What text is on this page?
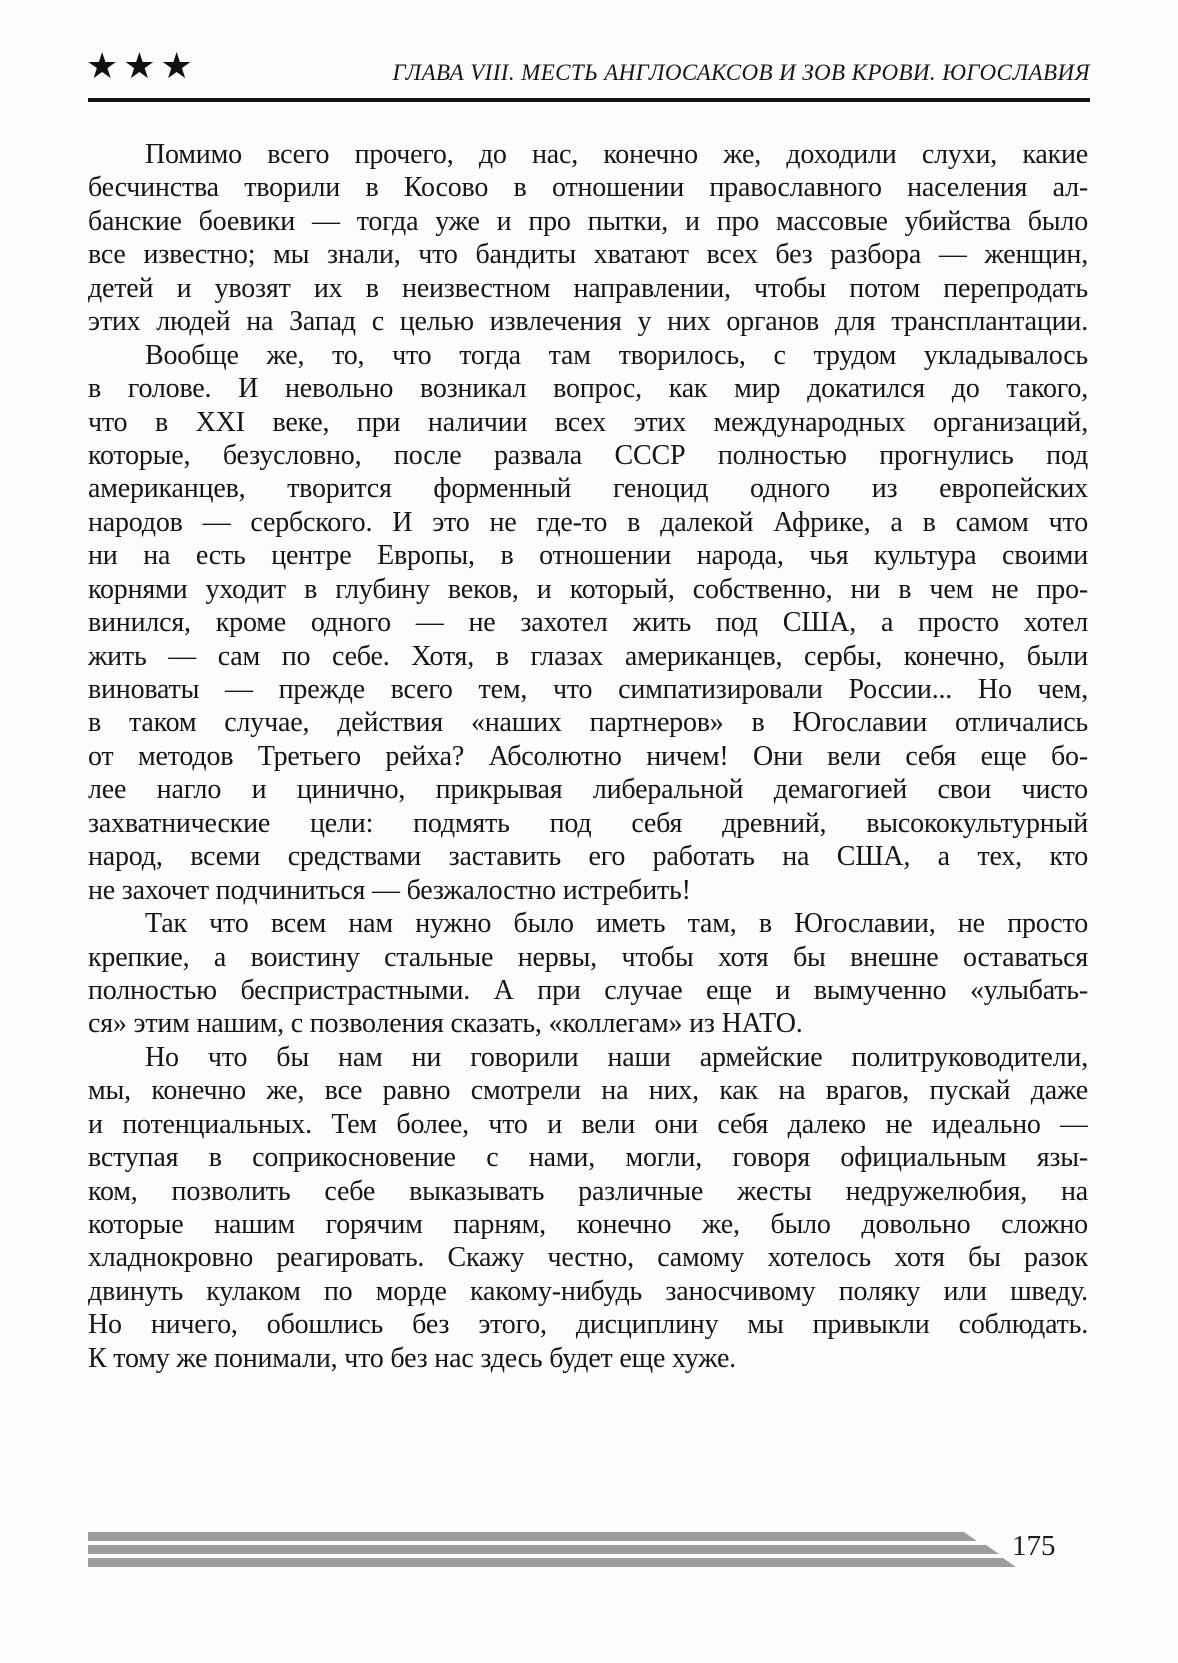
★★★	ГЛАВА VIII. МЕСТЬ АНГЛОСАКСОВ И ЗОВ КРОВИ. ЮГОСЛАВИЯ
Помимо всего прочего, до нас, конечно же, доходили слухи, какие
бесчинства творили в Косово в отношении православного населения ал-
банские боевики — тогда уже и про пытки, и про массовые убийства было
все известно; мы знали, что бандиты хватают всех без разбора — женщин,
детей и увозят их в неизвестном направлении, чтобы потом перепродать
этих людей на Запад с целью извлечения у них органов для трансплантации.
Вообще же, то, что тогда там творилось, с трудом укладывалось
в голове. И невольно возникал вопрос, как мир докатился до такого,
что в XXI веке, при наличии всех этих международных организаций,
которые, безусловно, после развала СССР полностью прогнулись под
американцев, творится форменный геноцид одного из европейских
народов — сербского. И это не где-то в далекой Африке, а в самом что
ни на есть центре Европы, в отношении народа, чья культура своими
корнями уходит в глубину веков, и который, собственно, ни в чем не про-
винился, кроме одного — не захотел жить под США, а просто хотел
жить — сам по себе. Хотя, в глазах американцев, сербы, конечно, были
виноваты — прежде всего тем, что симпатизировали России... Но чем,
в таком случае, действия «наших партнеров» в Югославии отличались
от методов Третьего рейха? Абсолютно ничем! Они вели себя еще бо-
лее нагло и цинично, прикрывая либеральной демагогией свои чисто
захватнические цели: подмять под себя древний, высококультурный
народ, всеми средствами заставить его работать на США, а тех, кто
не захочет подчиниться — безжалостно истребить!
Так что всем нам нужно было иметь там, в Югославии, не просто
крепкие, а воистину стальные нервы, чтобы хотя бы внешне оставаться
полностью беспристрастными. А при случае еще и вымученно «улыбать-
ся» этим нашим, с позволения сказать, «коллегам» из НАТО.
Но что бы нам ни говорили наши армейские политруководители,
мы, конечно же, все равно смотрели на них, как на врагов, пускай даже
и потенциальных. Тем более, что и вели они себя далеко не идеально —
вступая в соприкосновение с нами, могли, говоря официальным язы-
ком, позволить себе выказывать различные жесты недружелюбия, на
которые нашим горячим парням, конечно же, было довольно сложно
хладнокровно реагировать. Скажу честно, самому хотелось хотя бы разок
двинуть кулаком по морде какому-нибудь заносчивому поляку или шведу.
Но ничего, обошлись без этого, дисциплину мы привыкли соблюдать.
К тому же понимали, что без нас здесь будет еще хуже.
175
